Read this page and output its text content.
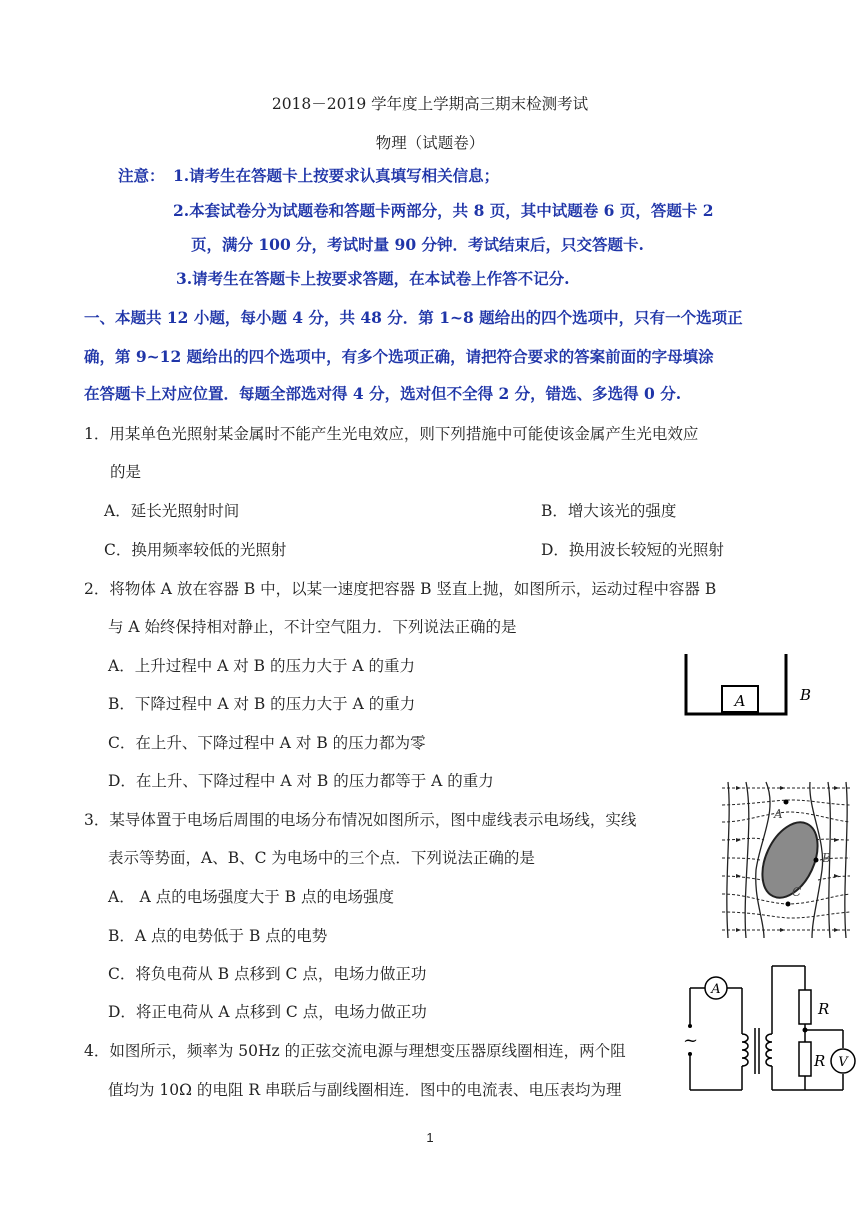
2018－2019 学年度上学期高三期末检测考试
物理（试题卷）
注意： 1.请考生在答题卡上按要求认真填写相关信息；
2.本套试卷分为试题卷和答题卡两部分，共 8 页，其中试题卷 6 页，答题卡 2
页，满分 100 分，考试时量 90 分钟．考试结束后，只交答题卡.
3.请考生在答题卡上按要求答题，在本试卷上作答不记分.
一、本题共 12 小题，每小题 4 分，共 48 分．第 1~8 题给出的四个选项中，只有一个选项正
确，第 9~12 题给出的四个选项中，有多个选项正确，请把符合要求的答案前面的字母填涂
在答题卡上对应位置．每题全部选对得 4 分，选对但不全得 2 分，错选、多选得 0 分.
1．用某单色光照射某金属时不能产生光电效应，则下列措施中可能使该金属产生光电效应
的是
A．延长光照射时间	B．增大该光的强度
C．换用频率较低的光照射	D．换用波长较短的光照射
2．将物体 A 放在容器 B 中，以某一速度把容器 B 竖直上抛，如图所示，运动过程中容器 B
与 A 始终保持相对静止，不计空气阻力．下列说法正确的是
A．上升过程中 A 对 B 的压力大于 A 的重力
B．下降过程中 A 对 B 的压力大于 A 的重力
C．在上升、下降过程中 A 对 B 的压力都为零
D．在上升、下降过程中 A 对 B 的压力都等于 A 的重力
A	B
3．某导体置于电场后周围的电场分布情况如图所示，图中虚线表示电场线，实线
表示等势面，A、B、C 为电场中的三个点．下列说法正确的是
A． A 点的电场强度大于 B 点的电场强度
B．A 点的电势低于 B 点的电势
C．将负电荷从 B 点移到 C 点，电场力做正功
D．将正电荷从 A 点移到 C 点，电场力做正功
A
B
C
4．如图所示，频率为 50Hz 的正弦交流电源与理想变压器原线圈相连，两个阻
值均为 10Ω 的电阻 R 串联后与副线圈相连．图中的电流表、电压表均为理
A
V
R
R
~
1
